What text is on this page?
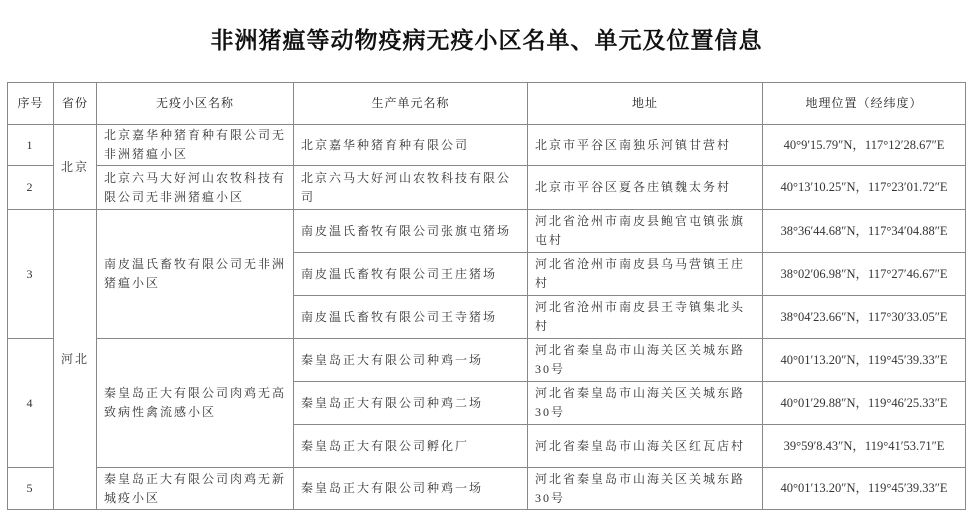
非洲猪瘟等动物疫病无疫小区名单、单元及位置信息
序号	省份	无疫小区名称	生产单元名称	地址	地理位置（经纬度）
1	北京	北京嘉华种猪育种有限公司无非洲猪瘟小区	北京嘉华种猪育种有限公司	北京市平谷区南独乐河镇甘营村	40°9′15.79″N，117°12′28.67″E
2		北京六马大好河山农牧科技有限公司无非洲猪瘟小区	北京六马大好河山农牧科技有限公司	北京市平谷区夏各庄镇魏太务村	40°13′10.25″N，117°23′01.72″E
3	河北	南皮温氏畜牧有限公司无非洲猪瘟小区	南皮温氏畜牧有限公司张旗屯猪场	河北省沧州市南皮县鲍官屯镇张旗屯村	38°36′44.68″N，117°34′04.88″E
			南皮温氏畜牧有限公司王庄猪场	河北省沧州市南皮县乌马营镇王庄村	38°02′06.98″N，117°27′46.67″E
			南皮温氏畜牧有限公司王寺猪场	河北省沧州市南皮县王寺镇集北头村	38°04′23.66″N，117°30′33.05″E
4		秦皇岛正大有限公司肉鸡无高致病性禽流感小区	秦皇岛正大有限公司种鸡一场	河北省秦皇岛市山海关区关城东路30号	40°01′13.20″N，119°45′39.33″E
			秦皇岛正大有限公司种鸡二场	河北省秦皇岛市山海关区关城东路30号	40°01′29.88″N，119°46′25.33″E
			秦皇岛正大有限公司孵化厂	河北省秦皇岛市山海关区红瓦店村	39°59′8.43″N，119°41′53.71″E
5		秦皇岛正大有限公司肉鸡无新城疫小区	秦皇岛正大有限公司种鸡一场	河北省秦皇岛市山海关区关城东路30号	40°01′13.20″N，119°45′39.33″E
